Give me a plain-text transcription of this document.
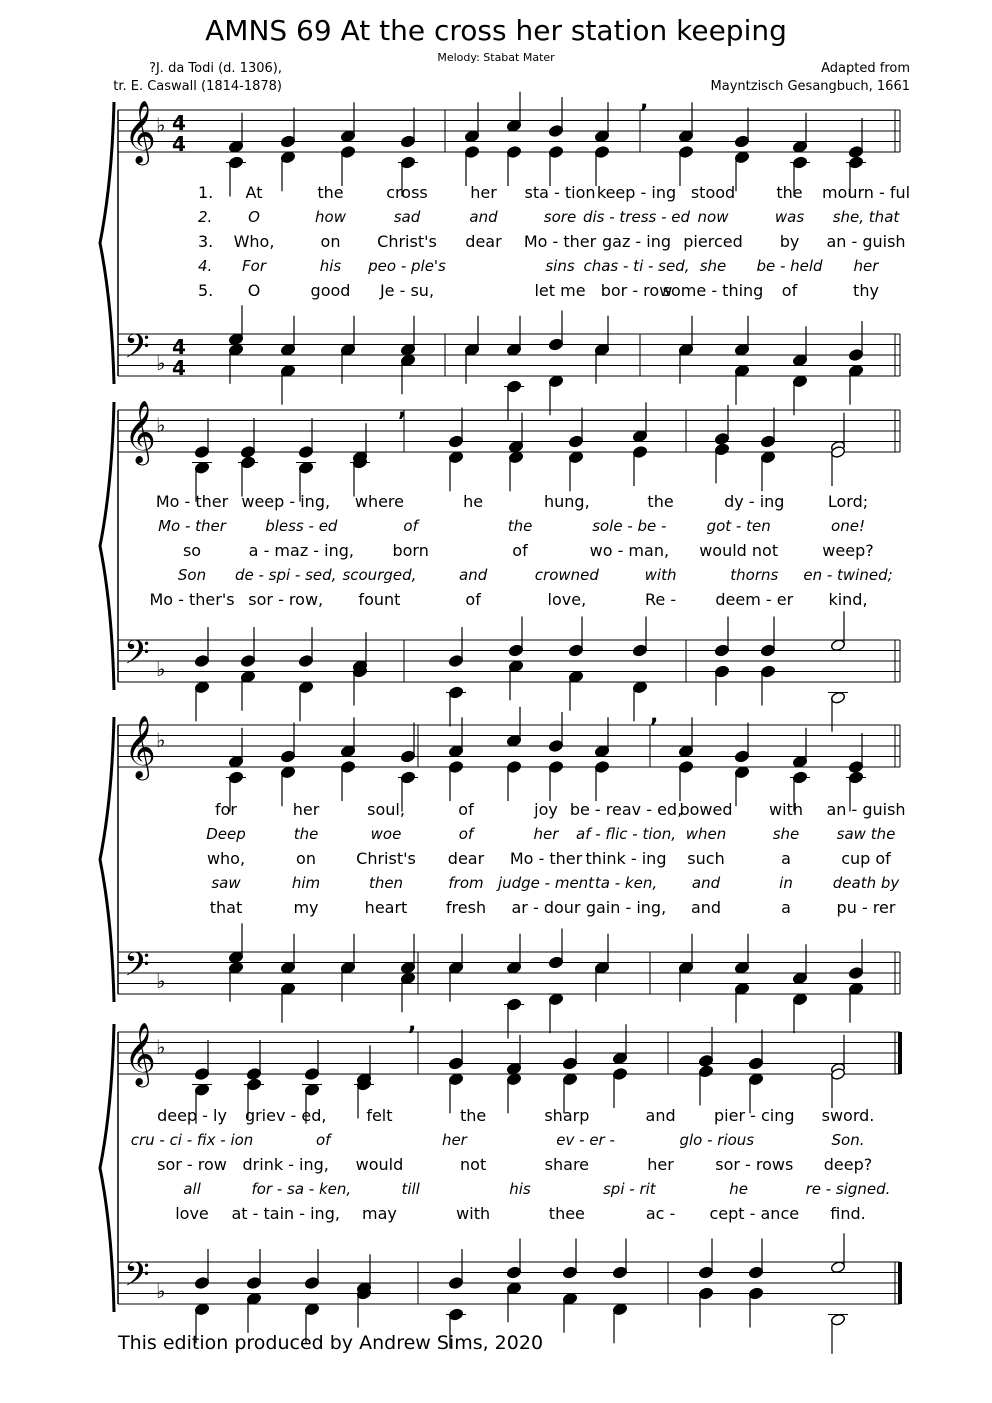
AMNS 69 At the cross her station keeping
Melody: Stabat Mater
?J. da Todi (d. 1306),
tr. E. Caswall (1814-1878)
Adapted from
Mayntzisch Gesangbuch, 1661
𝄞
𝄢
♭
♭
4
4
4
4
𝄞
𝄢
♭
♭
𝄞
𝄢
♭
♭
𝄞
𝄢
♭
♭
,
,
,
,
1. At	the	cross	her sta - tion keep - ing stood	the mourn - ful
2. O	how	sad	and	sore dis - tress - ed now	was she, that
3. Who,	on Christ's dear Mo - ther gaz - ing pierced by an - guish
4. For	his peo - ple's	sins chas - ti - sed, she be - held her
5. O	good Je - su,	let me bor - row
some - thing of	thy
Mo - ther weep - ing, where	he	hung,	the	dy - ing	Lord;
Mo - ther	bless - ed	of	the	sole - be -	got - ten	one!
so	a - maz - ing, born	of	wo - man, would not	weep?
Son de - spi - sed, scourged,	and	crowned	with	thorns en - twined;
Mo - ther's sor - row, fount	of	love,	Re - deem - er kind,
for	her	soul,	of	joy be - reav - ed,
bowed with an - guish
Deep	the	woe	of	her af - flic - tion, when	she saw the
who,	on	Christ's dear Mo - ther think - ing such	a	cup of
saw	him	then	from judge - ment ta - ken, and	in	death by
that	my	heart fresh ar - dour gain - ing, and	a	pu - rer
deep - ly griev - ed, felt	the	sharp	and pier - cing sword.
cru - ci - fix - ion	of	her	ev - er -	glo - rious	Son.
sor - row drink - ing, would	not	share	her	sor - rows deep?
all	for - sa - ken,	till	his	spi - rit	he	re - signed.
love at - tain - ing, may	with	thee	ac - cept - ance find.
This edition produced by Andrew Sims, 2020
